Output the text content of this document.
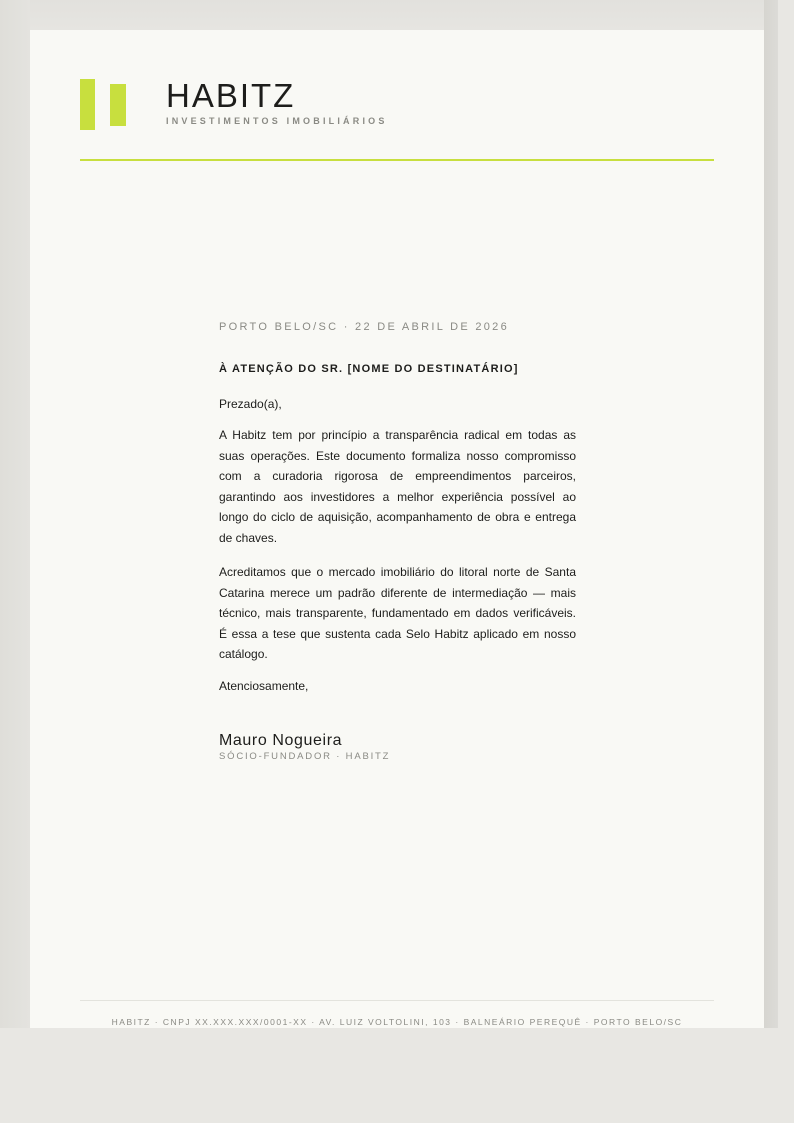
HABITZ
INVESTIMENTOS IMOBILIÁRIOS
PORTO BELO/SC · 22 DE ABRIL DE 2026
À ATENÇÃO DO SR. [NOME DO DESTINATÁRIO]
Prezado(a),

A Habitz tem por princípio a transparência radical em todas as suas operações. Este documento formaliza nosso compromisso com a curadoria rigorosa de empreendimentos parceiros, garantindo aos investidores a melhor experiência possível ao longo do ciclo de aquisição, acompanhamento de obra e entrega de chaves.

Acreditamos que o mercado imobiliário do litoral norte de Santa Catarina merece um padrão diferente de intermediação — mais técnico, mais transparente, fundamentado em dados verificáveis. É essa a tese que sustenta cada Selo Habitz aplicado em nosso catálogo.

Atenciosamente,
Mauro Nogueira
SÓCIO-FUNDADOR · HABITZ
HABITZ · CNPJ XX.XXX.XXX/0001-XX · AV. LUIZ VOLTOLINI, 103 · BALNEÁRIO PEREQUÊ · PORTO BELO/SC
